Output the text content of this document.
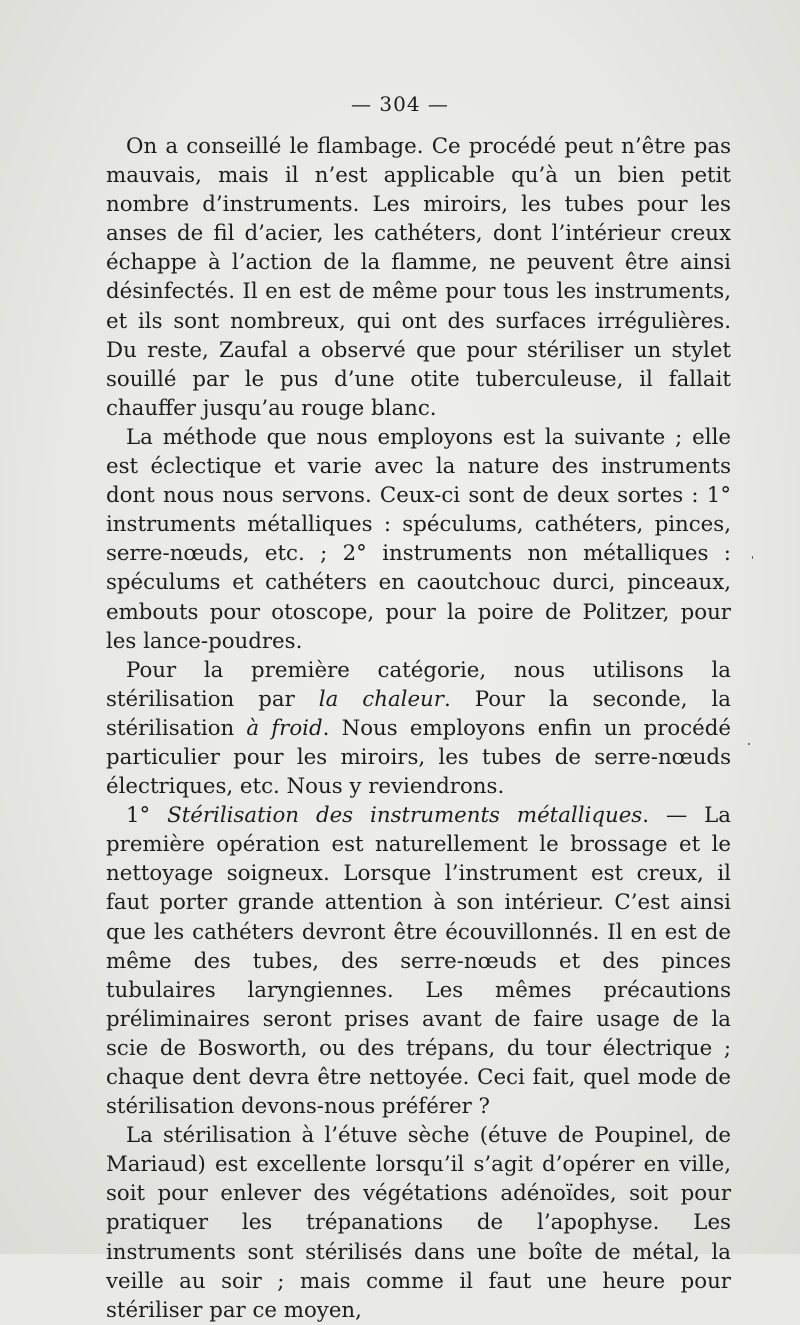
— 304 —

On a conseillé le flambage. Ce procédé peut n’être pas mauvais, mais il n’est applicable qu’à un bien petit nombre d’instruments. Les miroirs, les tubes pour les anses de fil d’acier, les cathéters, dont l’intérieur creux échappe à l’action de la flamme, ne peuvent être ainsi désinfectés. Il en est de même pour tous les instruments, et ils sont nombreux, qui ont des surfaces irrégulières. Du reste, Zaufal a observé que pour stériliser un stylet souillé par le pus d’une otite tuberculeuse, il fallait chauffer jusqu’au rouge blanc.

La méthode que nous employons est la suivante ; elle est éclectique et varie avec la nature des instruments dont nous nous servons. Ceux-ci sont de deux sortes : 1° instruments métalliques : spéculums, cathéters, pinces, serre-nœuds, etc. ; 2° instruments non métalliques : spéculums et cathéters en caoutchouc durci, pinceaux, embouts pour otoscope, pour la poire de Politzer, pour les lance-poudres.

Pour la première catégorie, nous utilisons la stérilisation par la chaleur. Pour la seconde, la stérilisation à froid. Nous employons enfin un procédé particulier pour les miroirs, les tubes de serre-nœuds électriques, etc. Nous y reviendrons.

1° Stérilisation des instruments métalliques. — La première opération est naturellement le brossage et le nettoyage soigneux. Lorsque l’instrument est creux, il faut porter grande attention à son intérieur. C’est ainsi que les cathéters devront être écouvillonnés. Il en est de même des tubes, des serre-nœuds et des pinces tubulaires laryngiennes. Les mêmes précautions préliminaires seront prises avant de faire usage de la scie de Bosworth, ou des trépans, du tour électrique ; chaque dent devra être nettoyée. Ceci fait, quel mode de stérilisation devons-nous préférer ?

La stérilisation à l’étuve sèche (étuve de Poupinel, de Mariaud) est excellente lorsqu’il s’agit d’opérer en ville, soit pour enlever des végétations adénoïdes, soit pour pratiquer les trépanations de l’apophyse. Les instruments sont stérilisés dans une boîte de métal, la veille au soir ; mais comme il faut une heure pour stériliser par ce moyen,
